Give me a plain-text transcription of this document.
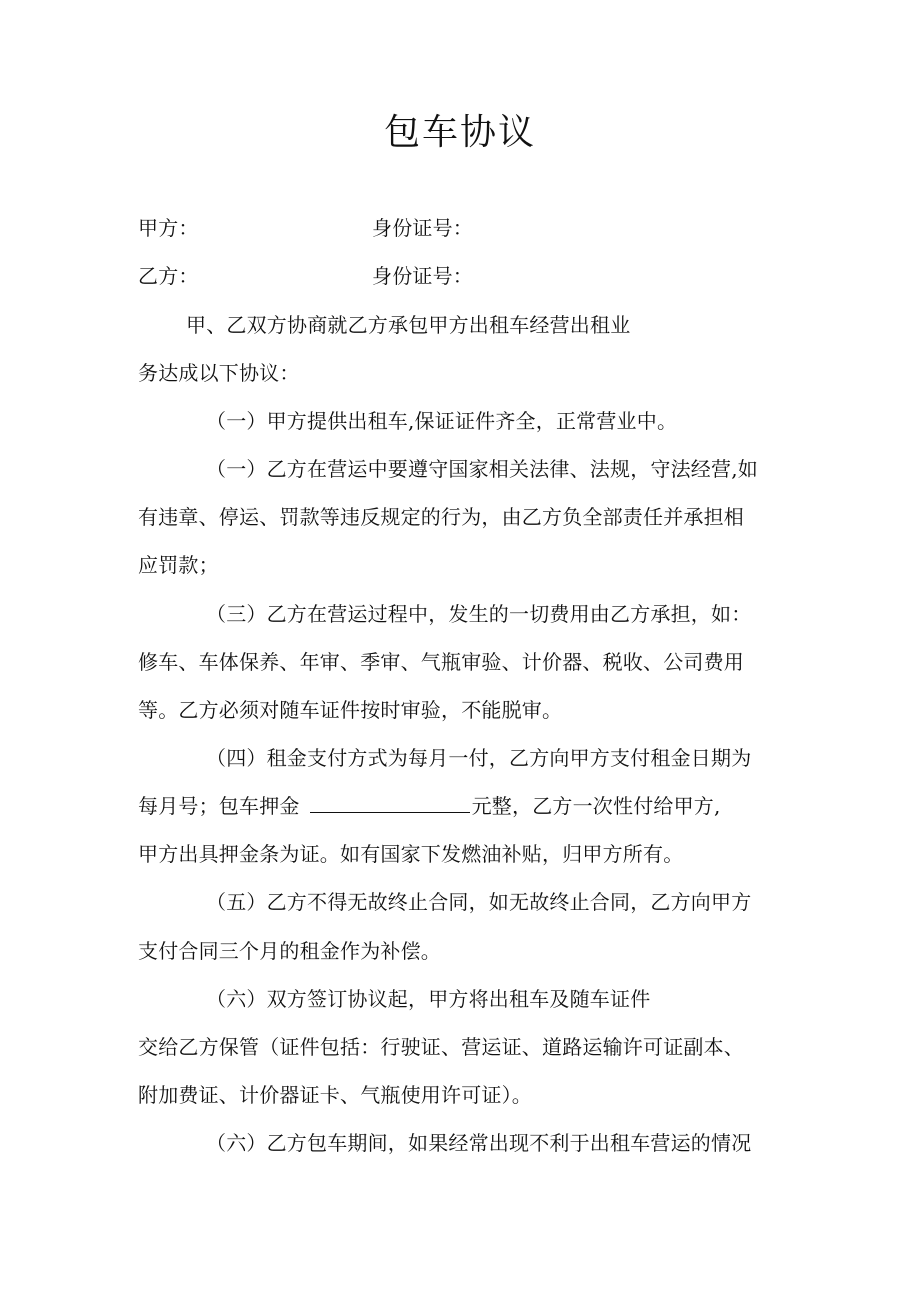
包车协议
甲方：	身份证号：
乙方：	身份证号：
甲、乙双方协商就乙方承包甲方出租车经营出租业
务达成以下协议：
（一）甲方提供出租车,保证证件齐全，正常营业中。
（一）乙方在营运中要遵守国家相关法律、法规，守法经营,如
有违章、停运、罚款等违反规定的行为，由乙方负全部责任并承担相
应罚款；
（三）乙方在营运过程中，发生的一切费用由乙方承担，如：
修车、车体保养、年审、季审、气瓶审验、计价器、税收、公司费用
等。乙方必须对随车证件按时审验，不能脱审。
（四）租金支付方式为每月一付，乙方向甲方支付租金日期为
每月号；包车押金	元整，乙方一次性付给甲方,
甲方出具押金条为证。如有国家下发燃油补贴，归甲方所有。
（五）乙方不得无故终止合同，如无故终止合同，乙方向甲方
支付合同三个月的租金作为补偿。
（六）双方签订协议起，甲方将出租车及随车证件
交给乙方保管（证件包括：行驶证、营运证、道路运输许可证副本、
附加费证、计价器证卡、气瓶使用许可证）。
（六）乙方包车期间，如果经常出现不利于出租车营运的情况
